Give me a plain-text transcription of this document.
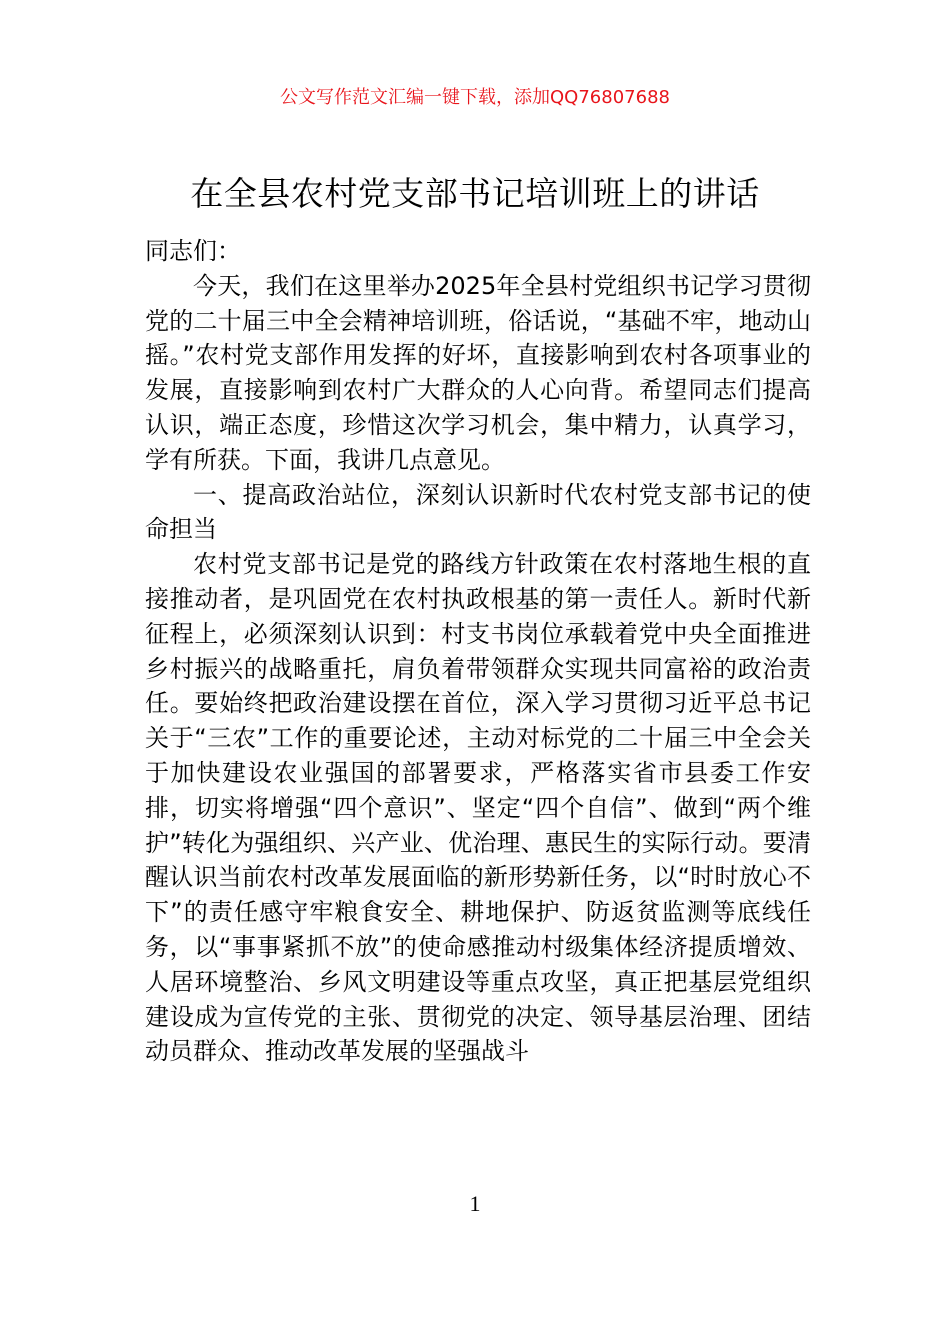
公文写作范文汇编一键下载，添加QQ76807688
在全县农村党支部书记培训班上的讲话

同志们：

今天，我们在这里举办2025年全县村党组织书记学习贯彻党的二十届三中全会精神培训班，俗话说，“基础不牢，地动山摇。”农村党支部作用发挥的好坏，直接影响到农村各项事业的发展，直接影响到农村广大群众的人心向背。希望同志们提高认识，端正态度，珍惜这次学习机会，集中精力，认真学习，学有所获。下面，我讲几点意见。

一、提高政治站位，深刻认识新时代农村党支部书记的使命担当

农村党支部书记是党的路线方针政策在农村落地生根的直接推动者，是巩固党在农村执政根基的第一责任人。新时代新征程上，必须深刻认识到：村支书岗位承载着党中央全面推进乡村振兴的战略重托，肩负着带领群众实现共同富裕的政治责任。要始终把政治建设摆在首位，深入学习贯彻习近平总书记关于“三农”工作的重要论述，主动对标党的二十届三中全会关于加快建设农业强国的部署要求，严格落实省市县委工作安排，切实将增强“四个意识”、坚定“四个自信”、做到“两个维护”转化为强组织、兴产业、优治理、惠民生的实际行动。要清醒认识当前农村改革发展面临的新形势新任务，以“时时放心不下”的责任感守牢粮食安全、耕地保护、防返贫监测等底线任务，以“事事紧抓不放”的使命感推动村级集体经济提质增效、人居环境整治、乡风文明建设等重点攻坚，真正把基层党组织建设成为宣传党的主张、贯彻党的决定、领导基层治理、团结动员群众、推动改革发展的坚强战斗

1
